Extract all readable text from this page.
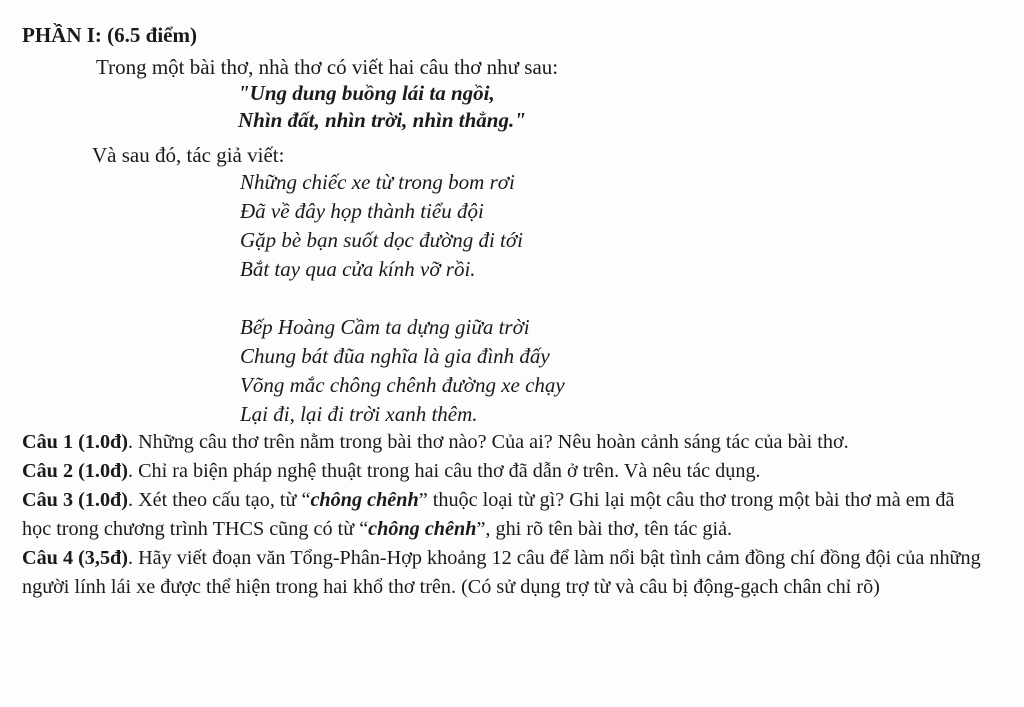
PHẦN I: (6.5 điểm)
Trong một bài thơ, nhà thơ có viết hai câu thơ như sau:
"Ung dung buồng lái ta ngồi,
Nhìn đất, nhìn trời, nhìn thẳng."
Và sau đó, tác giả viết:
Những chiếc xe từ trong bom rơi
Đã về đây họp thành tiểu đội
Gặp bè bạn suốt dọc đường đi tới
Bắt tay qua cửa kính vỡ rồi.
Bếp Hoàng Cầm ta dựng giữa trời
Chung bát đũa nghĩa là gia đình đấy
Võng mắc chông chênh đường xe chạy
Lại đi, lại đi trời xanh thêm.

Câu 1 (1.0đ). Những câu thơ trên nằm trong bài thơ nào? Của ai? Nêu hoàn cảnh sáng tác của bài thơ.

Câu 2 (1.0đ). Chỉ ra biện pháp nghệ thuật trong hai câu thơ đã dẫn ở trên. Và nêu tác dụng.

Câu 3 (1.0đ). Xét theo cấu tạo, từ “chông chênh” thuộc loại từ gì? Ghi lại một câu thơ trong một bài thơ mà em đã học trong chương trình THCS cũng có từ “chông chênh”, ghi rõ tên bài thơ, tên tác giả.

Câu 4 (3,5đ). Hãy viết đoạn văn Tổng-Phân-Hợp khoảng 12 câu để làm nổi bật tình cảm đồng chí đồng đội của những người lính lái xe được thể hiện trong hai khổ thơ trên. (Có sử dụng trợ từ và câu bị động-gạch chân chỉ rõ)
